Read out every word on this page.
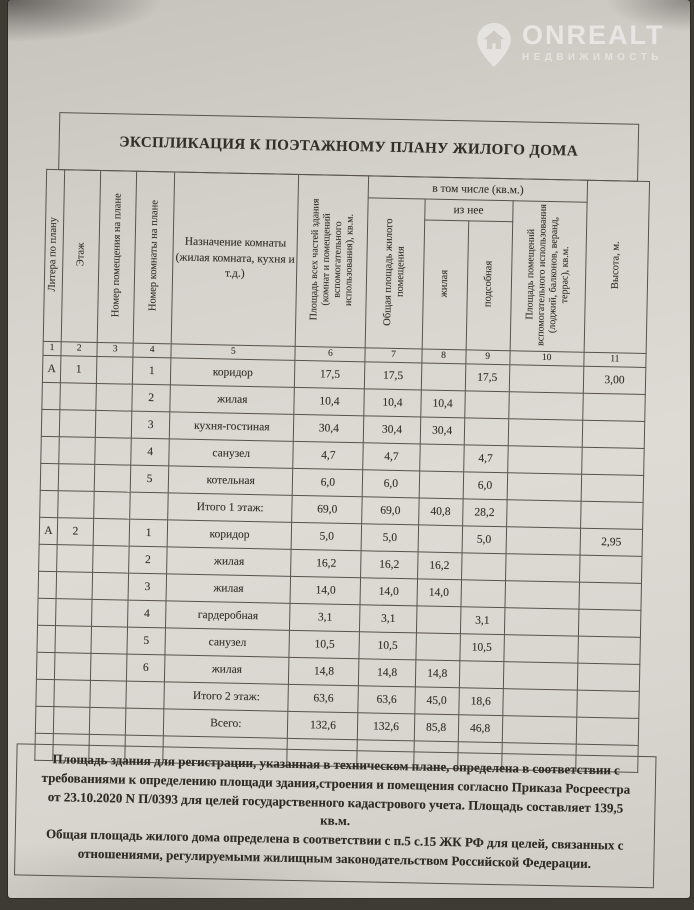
ONREALT
НЕДВИЖИМОСТЬ
ЭКСПЛИКАЦИЯ К ПОЭТАЖНОМУ ПЛАНУ ЖИЛОГО ДОМА
Литера по плану	Этаж	Номер помещения на плане	Номер комнаты на плане	Назначение комнаты (жилая комната, кухня и т.д.)	Площадь всех частей здания (комнат и помещений вспомогательного использования), кв.м.	в том числе (кв.м.)				Высота, м.
						Общая площадь жилого помещения	из нее		Площадь помещений вспомогательного использования (лоджий, балконов, веранд, террас), кв.м.	
							жилая	подсобная		
1	2	3	4	5	6	7	8	9	10	11
А	1		1	коридор	17,5	17,5		17,5		3,00
			2	жилая	10,4	10,4	10,4			
			3	кухня-гостиная	30,4	30,4	30,4			
			4	санузел	4,7	4,7		4,7		
			5	котельная	6,0	6,0		6,0		
				Итого 1 этаж:	69,0	69,0	40,8	28,2		
А	2		1	коридор	5,0	5,0		5,0		2,95
			2	жилая	16,2	16,2	16,2			
			3	жилая	14,0	14,0	14,0			
			4	гардеробная	3,1	3,1		3,1		
			5	санузел	10,5	10,5		10,5		
			6	жилая	14,8	14,8	14,8			
				Итого 2 этаж:	63,6	63,6	45,0	18,6		
				Всего:	132,6	132,6	85,8	46,8		

Площадь здания для регистрации, указанная в техническом плане, определена в соответствии с требованиями к определению площади здания,строения и помещения согласно Приказа Росреестра от 23.10.2020 N П/0393 для целей государственного кадастрового учета. Площадь составляет 139,5 кв.м.

Общая площадь жилого дома определена в соответствии с п.5 с.15 ЖК РФ для целей, связанных с отношениями, регулируемыми жилищным законодательством Российской Федерации.
